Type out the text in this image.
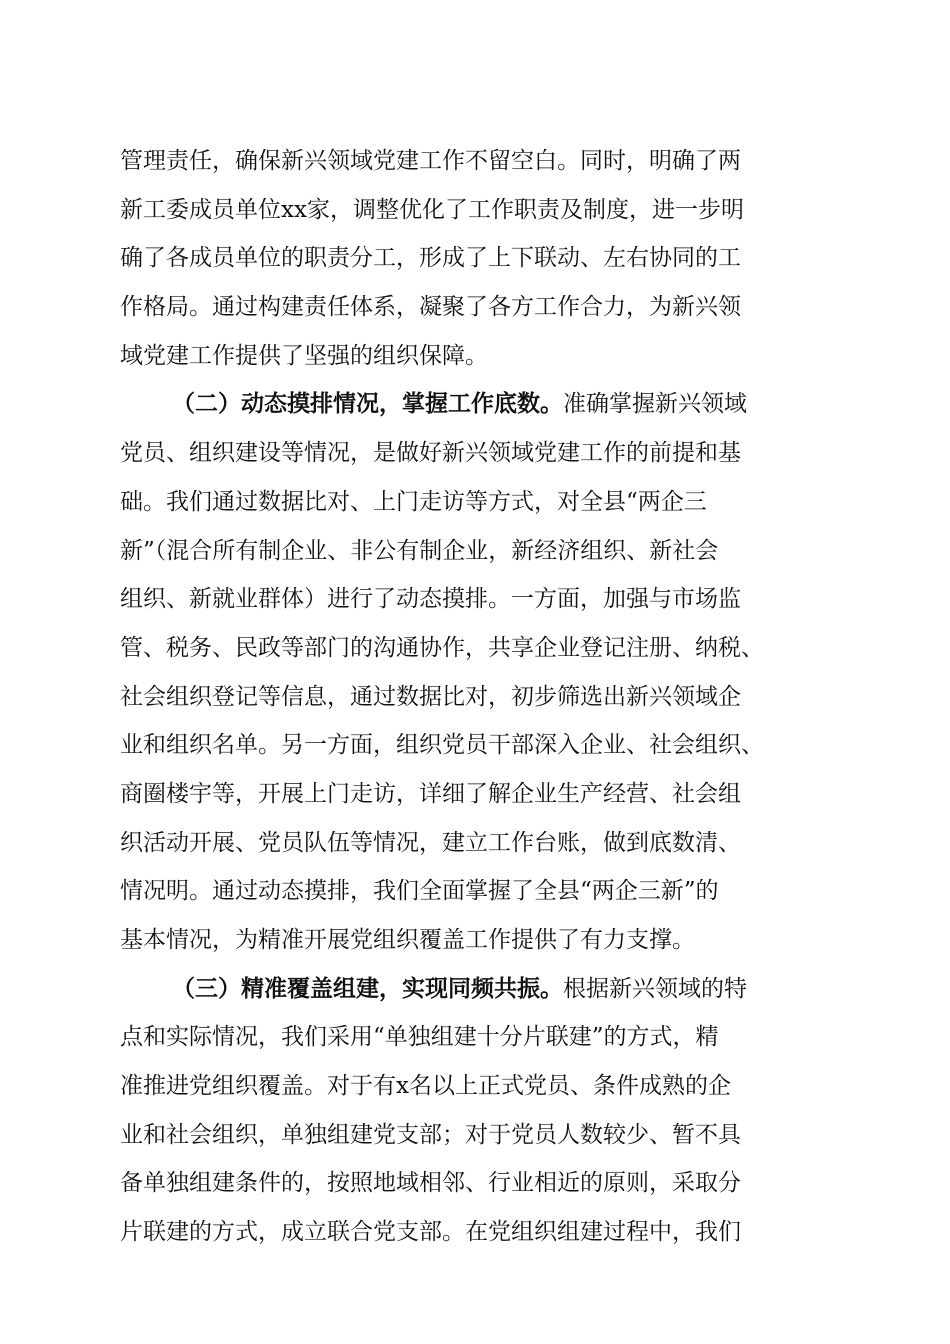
管理责任，确保新兴领域党建工作不留空白。同时，明确了两
新工委成员单位xx家，调整优化了工作职责及制度，进一步明
确了各成员单位的职责分工，形成了上下联动、左右协同的工
作格局。通过构建责任体系，凝聚了各方工作合力，为新兴领
域党建工作提供了坚强的组织保障。
（二）动态摸排情况，掌握工作底数。准确掌握新兴领域
党员、组织建设等情况，是做好新兴领域党建工作的前提和基
础。我们通过数据比对、上门走访等方式，对全县“两企三
新”（混合所有制企业、非公有制企业，新经济组织、新社会
组织、新就业群体）进行了动态摸排。一方面，加强与市场监
管、税务、民政等部门的沟通协作，共享企业登记注册、纳税、
社会组织登记等信息，通过数据比对，初步筛选出新兴领域企
业和组织名单。另一方面，组织党员干部深入企业、社会组织、
商圈楼宇等，开展上门走访，详细了解企业生产经营、社会组
织活动开展、党员队伍等情况，建立工作台账，做到底数清、
情况明。通过动态摸排，我们全面掌握了全县“两企三新”的
基本情况，为精准开展党组织覆盖工作提供了有力支撑。
（三）精准覆盖组建，实现同频共振。根据新兴领域的特
点和实际情况，我们采用“单独组建十分片联建”的方式，精
准推进党组织覆盖。对于有x名以上正式党员、条件成熟的企
业和社会组织，单独组建党支部；对于党员人数较少、暂不具
备单独组建条件的，按照地域相邻、行业相近的原则，采取分
片联建的方式，成立联合党支部。在党组织组建过程中，我们
